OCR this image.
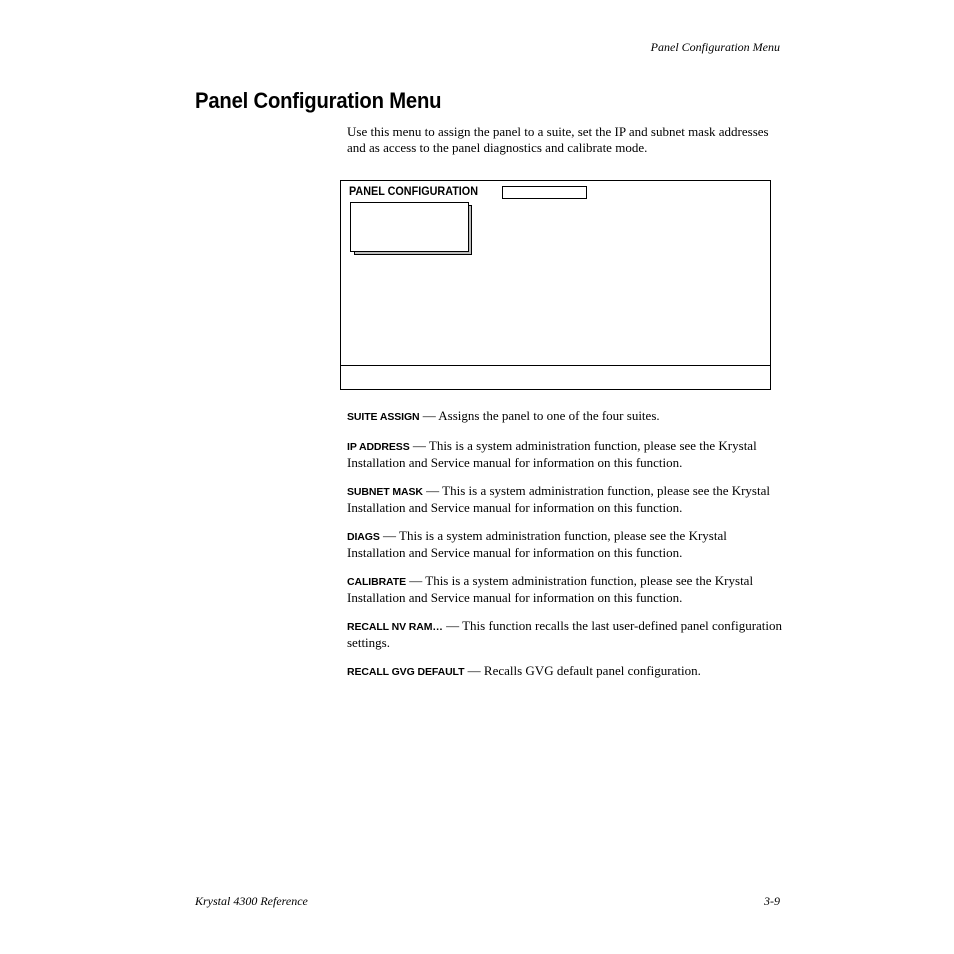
Panel Configuration Menu
Panel Configuration Menu

Use this menu to assign the panel to a suite, set the IP and subnet mask addresses and as access to the panel diagnostics and calibrate mode.

PANEL CONFIGURATION

SUITE ASSIGN — Assigns the panel to one of the four suites.

IP ADDRESS — This is a system administration function, please see the Krystal Installation and Service manual for information on this function.

SUBNET MASK — This is a system administration function, please see the Krystal Installation and Service manual for information on this function.

DIAGS — This is a system administration function, please see the Krystal Installation and Service manual for information on this function.

CALIBRATE — This is a system administration function, please see the Krystal Installation and Service manual for information on this function.

RECALL NV RAM… — This function recalls the last user-defined panel configuration settings.

RECALL GVG DEFAULT — Recalls GVG default panel configuration.

Krystal 4300 Reference	3-9
